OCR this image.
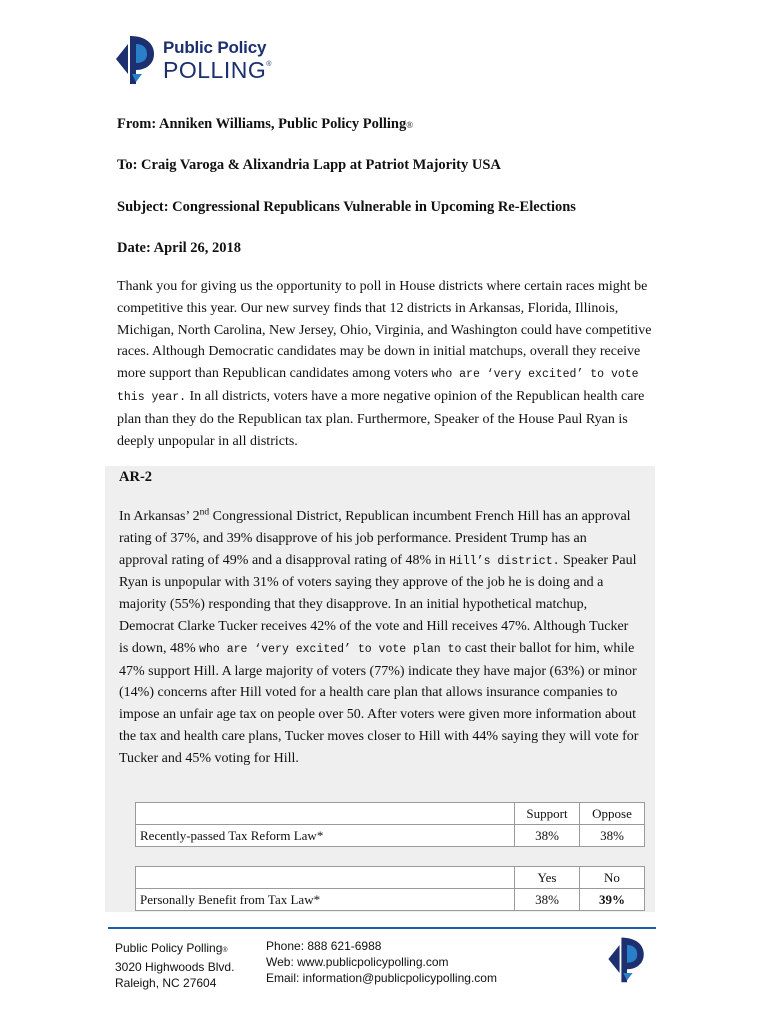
Public Policy
POLLING®
From: Anniken Williams, Public Policy Polling®
To: Craig Varoga & Alixandria Lapp at Patriot Majority USA
Subject: Congressional Republicans Vulnerable in Upcoming Re-Elections
Date: April 26, 2018
Thank you for giving us the opportunity to poll in House districts where certain races might be competitive this year. Our new survey finds that 12 districts in Arkansas, Florida, Illinois, Michigan, North Carolina, New Jersey, Ohio, Virginia, and Washington could have competitive races. Although Democratic candidates may be down in initial matchups, overall they receive more support than Republican candidates among voters who are ‘very excited’ to vote this year. In all districts, voters have a more negative opinion of the Republican health care plan than they do the Republican tax plan. Furthermore, Speaker of the House Paul Ryan is deeply unpopular in all districts.
AR-2
In Arkansas’ 2nd Congressional District, Republican incumbent French Hill has an approval rating of 37%, and 39% disapprove of his job performance. President Trump has an approval rating of 49% and a disapproval rating of 48% in Hill’s district. Speaker Paul Ryan is unpopular with 31% of voters saying they approve of the job he is doing and a majority (55%) responding that they disapprove. In an initial hypothetical matchup, Democrat Clarke Tucker receives 42% of the vote and Hill receives 47%. Although Tucker is down, 48% who are ‘very excited’ to vote plan to cast their ballot for him, while 47% support Hill. A large majority of voters (77%) indicate they have major (63%) or minor (14%) concerns after Hill voted for a health care plan that allows insurance companies to impose an unfair age tax on people over 50. After voters were given more information about the tax and health care plans, Tucker moves closer to Hill with 44% saying they will vote for Tucker and 45% voting for Hill.
	Support	Oppose
Recently-passed Tax Reform Law*	38%	38%
	Yes	No
Personally Benefit from Tax Law*	38%	39%
Public Policy Polling®
3020 Highwoods Blvd.
Raleigh, NC 27604
Phone: 888 621-6988
Web: www.publicpolicypolling.com
Email: information@publicpolicypolling.com
